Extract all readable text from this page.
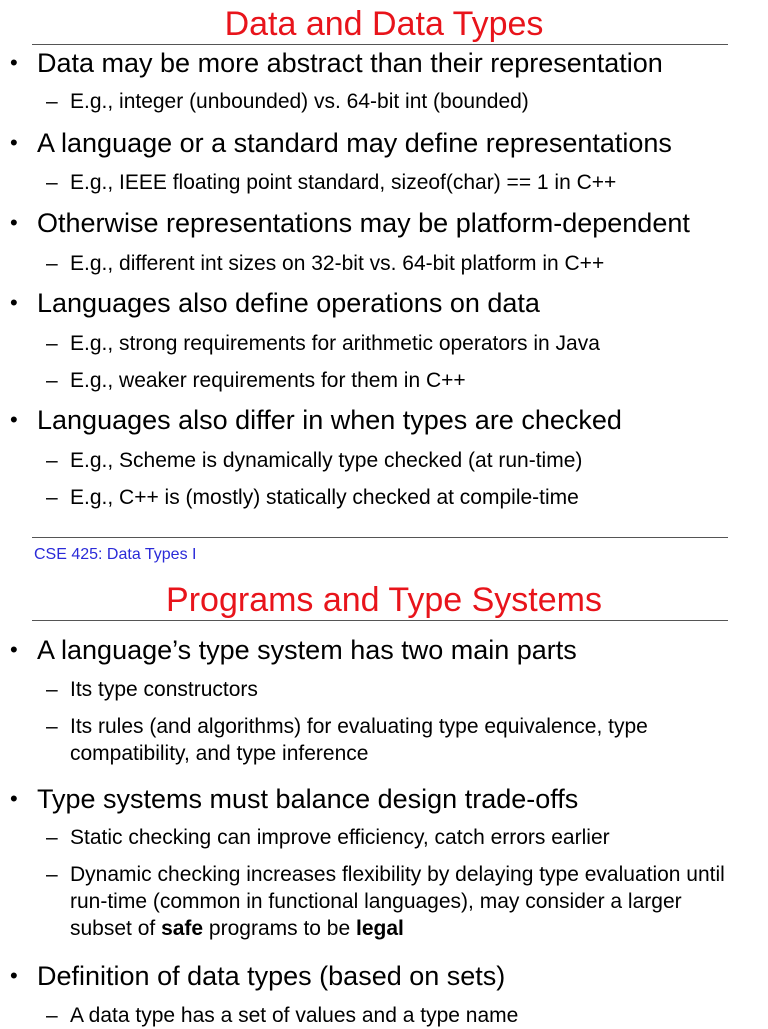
Data and Data Types
• Data may be more abstract than their representation
– E.g., integer (unbounded) vs. 64-bit int (bounded)
• A language or a standard may define representations
– E.g., IEEE floating point standard, sizeof(char) == 1 in C++
• Otherwise representations may be platform-dependent
– E.g., different int sizes on 32-bit vs. 64-bit platform in C++
• Languages also define operations on data
– E.g., strong requirements for arithmetic operators in Java
– E.g., weaker requirements for them in C++
• Languages also differ in when types are checked
– E.g., Scheme is dynamically type checked (at run-time)
– E.g., C++ is (mostly) statically checked at compile-time
CSE 425: Data Types I
Programs and Type Systems
• A language’s type system has two main parts
– Its type constructors
– Its rules (and algorithms) for evaluating type equivalence, type compatibility, and type inference
• Type systems must balance design trade-offs
– Static checking can improve efficiency, catch errors earlier
– Dynamic checking increases flexibility by delaying type evaluation until run-time (common in functional languages), may consider a larger subset of safe programs to be legal
• Definition of data types (based on sets)
– A data type has a set of values and a type name
